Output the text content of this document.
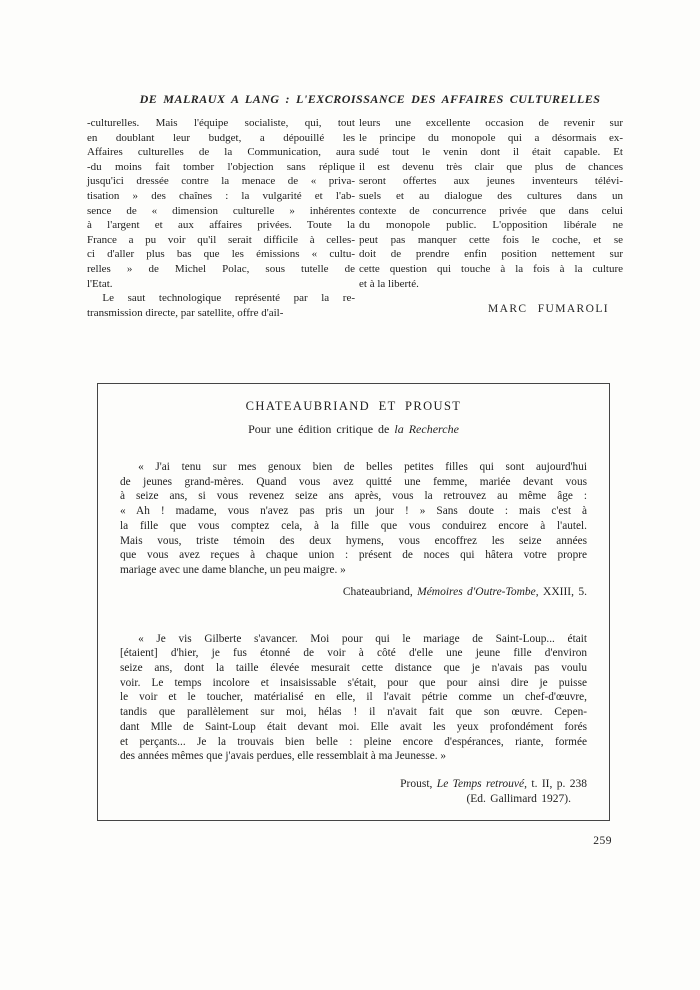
DE MALRAUX A LANG : L'EXCROISSANCE DES AFFAIRES CULTURELLES
-culturelles. Mais l'équipe socialiste, qui, tout
en doublant leur budget, a dépouillé les
Affaires culturelles de la Communication, aura
-du moins fait tomber l'objection sans réplique
jusqu'ici dressée contre la menace de « priva-
tisation » des chaînes : la vulgarité et l'ab-
sence de « dimension culturelle » inhérentes
à l'argent et aux affaires privées. Toute la
France a pu voir qu'il serait difficile à celles-
ci d'aller plus bas que les émissions « cultu-
relles » de Michel Polac, sous tutelle de
l'Etat.
Le saut technologique représenté par la re-
transmission directe, par satellite, offre d'ail-
leurs une excellente occasion de revenir sur
le principe du monopole qui a désormais ex-
sudé tout le venin dont il était capable. Et
il est devenu très clair que plus de chances
seront offertes aux jeunes inventeurs télévi-
suels et au dialogue des cultures dans un
contexte de concurrence privée que dans celui
du monopole public. L'opposition libérale ne
peut pas manquer cette fois le coche, et se
doit de prendre enfin position nettement sur
cette question qui touche à la fois à la culture
et à la liberté.
MARC FUMAROLI
CHATEAUBRIAND ET PROUST
Pour une édition critique de la Recherche
« J'ai tenu sur mes genoux bien de belles petites filles qui sont aujourd'hui
de jeunes grand-mères. Quand vous avez quitté une femme, mariée devant vous
à seize ans, si vous revenez seize ans après, vous la retrouvez au même âge :
« Ah ! madame, vous n'avez pas pris un jour ! » Sans doute : mais c'est à
la fille que vous comptez cela, à la fille que vous conduirez encore à l'autel.
Mais vous, triste témoin des deux hymens, vous encoffrez les seize années
que vous avez reçues à chaque union : présent de noces qui hâtera votre propre
mariage avec une dame blanche, un peu maigre. »
Chateaubriand, Mémoires d'Outre-Tombe, XXIII, 5.
« Je vis Gilberte s'avancer. Moi pour qui le mariage de Saint-Loup... était
[étaient] d'hier, je fus étonné de voir à côté d'elle une jeune fille d'environ
seize ans, dont la taille élevée mesurait cette distance que je n'avais pas voulu
voir. Le temps incolore et insaisissable s'était, pour que pour ainsi dire je puisse
le voir et le toucher, matérialisé en elle, il l'avait pétrie comme un chef-d'œuvre,
tandis que parallèlement sur moi, hélas ! il n'avait fait que son œuvre. Cepen-
dant Mlle de Saint-Loup était devant moi. Elle avait les yeux profondément forés
et perçants... Je la trouvais bien belle : pleine encore d'espérances, riante, formée
des années mêmes que j'avais perdues, elle ressemblait à ma Jeunesse. »
Proust, Le Temps retrouvé, t. II, p. 238
(Ed. Gallimard 1927).
259
